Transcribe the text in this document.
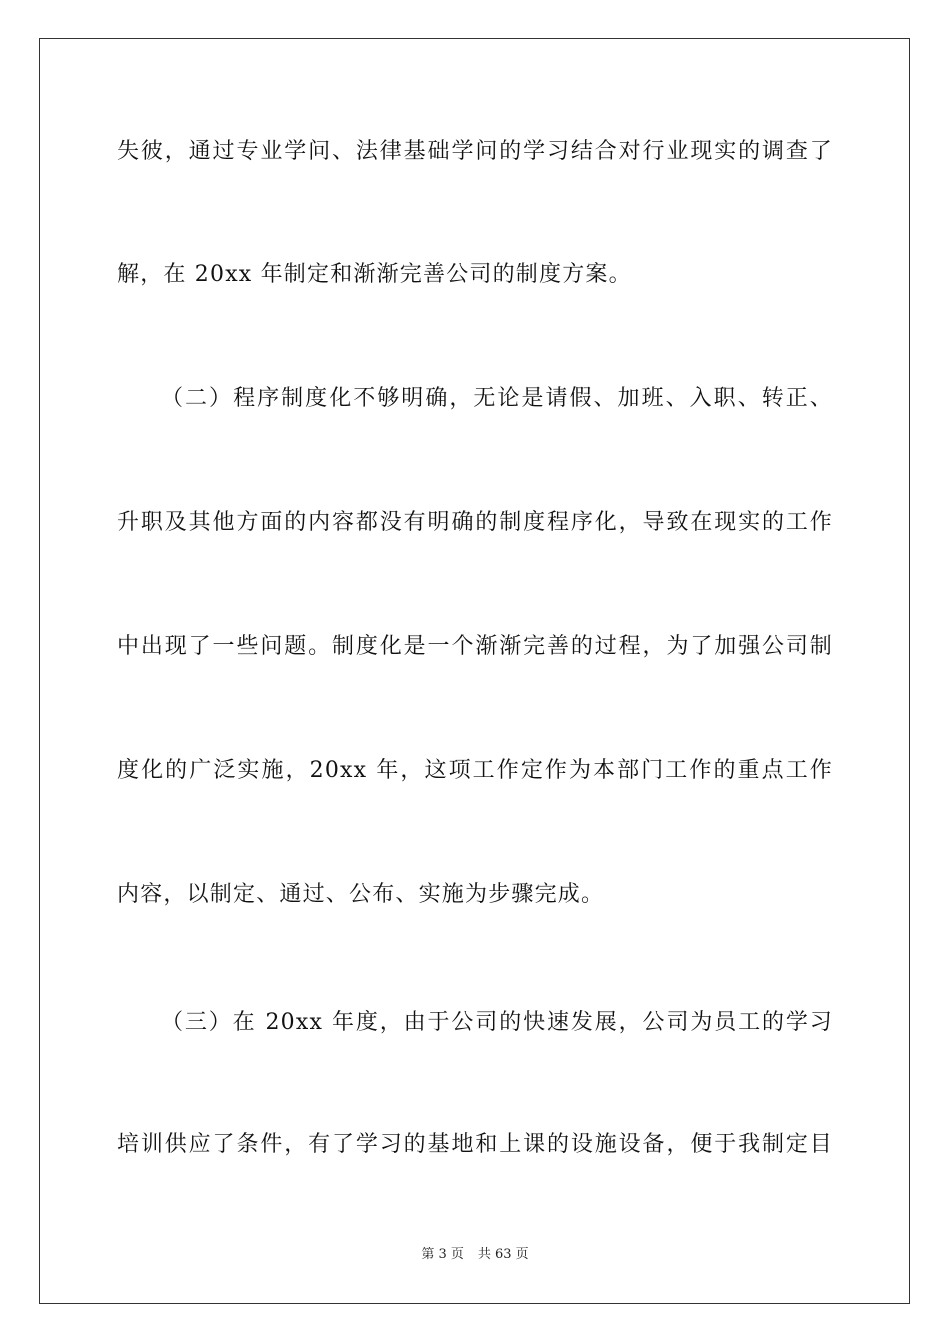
失彼，通过专业学问、法律基础学问的学习结合对行业现实的调查了
解，在 20xx 年制定和渐渐完善公司的制度方案。
（二）程序制度化不够明确，无论是请假、加班、入职、转正、
升职及其他方面的内容都没有明确的制度程序化，导致在现实的工作
中出现了一些问题。制度化是一个渐渐完善的过程，为了加强公司制
度化的广泛实施，20xx 年，这项工作定作为本部门工作的重点工作
内容，以制定、通过、公布、实施为步骤完成。
（三）在 20xx 年度，由于公司的快速发展，公司为员工的学习
培训供应了条件，有了学习的基地和上课的设施设备，便于我制定目
第 3 页 共 63 页
